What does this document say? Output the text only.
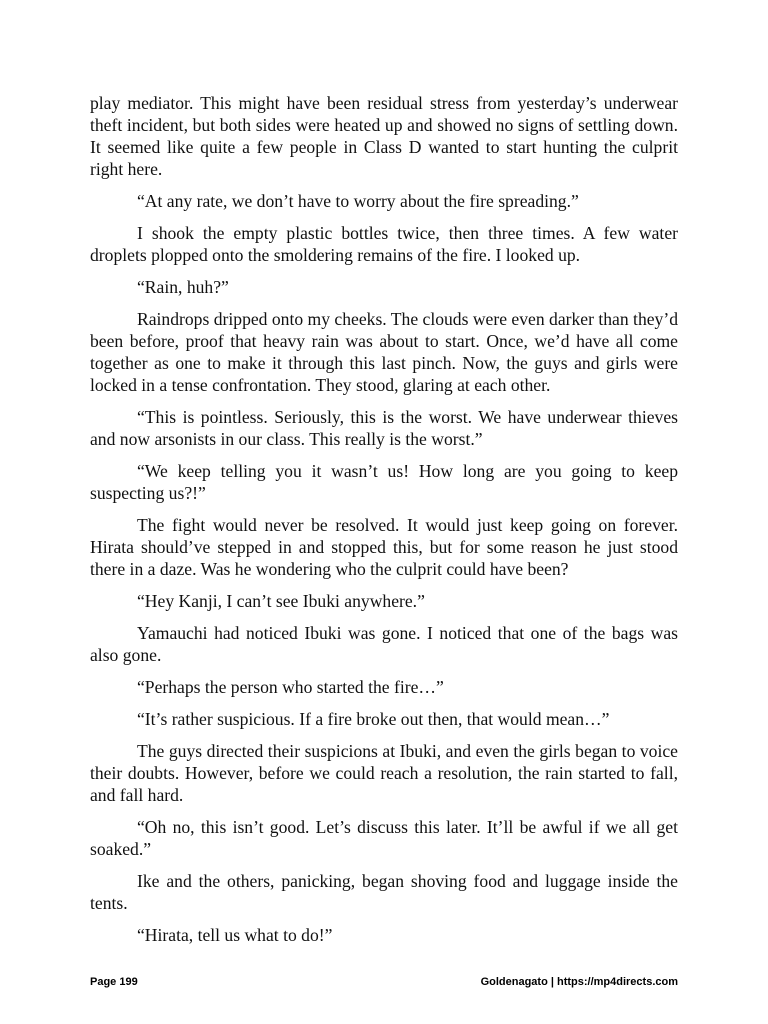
play mediator. This might have been residual stress from yesterday’s underwear theft incident, but both sides were heated up and showed no signs of settling down. It seemed like quite a few people in Class D wanted to start hunting the culprit right here.

“At any rate, we don’t have to worry about the fire spreading.”

I shook the empty plastic bottles twice, then three times. A few water droplets plopped onto the smoldering remains of the fire. I looked up.

“Rain, huh?”

Raindrops dripped onto my cheeks. The clouds were even darker than they’d been before, proof that heavy rain was about to start. Once, we’d have all come together as one to make it through this last pinch. Now, the guys and girls were locked in a tense confrontation. They stood, glaring at each other.

“This is pointless. Seriously, this is the worst. We have underwear thieves and now arsonists in our class. This really is the worst.”

“We keep telling you it wasn’t us! How long are you going to keep suspecting us?!”

The fight would never be resolved. It would just keep going on forever. Hirata should’ve stepped in and stopped this, but for some reason he just stood there in a daze. Was he wondering who the culprit could have been?

“Hey Kanji, I can’t see Ibuki anywhere.”

Yamauchi had noticed Ibuki was gone. I noticed that one of the bags was also gone.

“Perhaps the person who started the fire…”

“It’s rather suspicious. If a fire broke out then, that would mean…”

The guys directed their suspicions at Ibuki, and even the girls began to voice their doubts. However, before we could reach a resolution, the rain started to fall, and fall hard.

“Oh no, this isn’t good. Let’s discuss this later. It’ll be awful if we all get soaked.”

Ike and the others, panicking, began shoving food and luggage inside the tents.

“Hirata, tell us what to do!”

Page 199	Goldenagato | https://mp4directs.com
